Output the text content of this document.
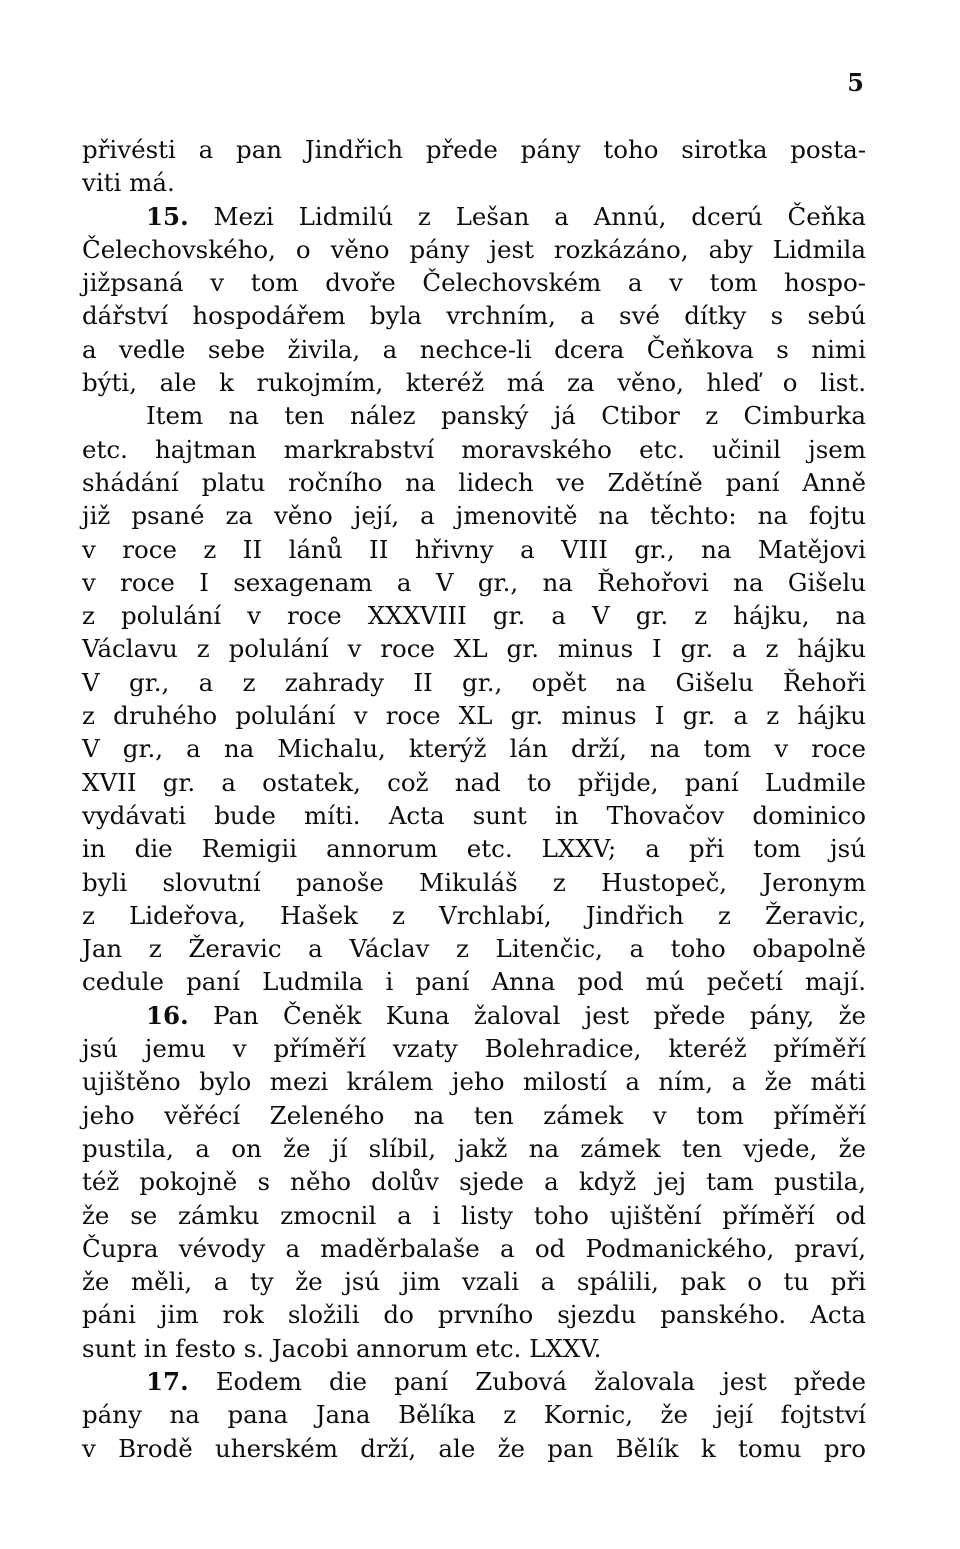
5
přivésti a pan Jindřich přede pány toho sirotka posta-
viti má.
15. Mezi Lidmilú z Lešan a Annú, dcerú Čeňka
Čelechovského, o věno pány jest rozkázáno, aby Lidmila
jižpsaná v tom dvoře Čelechovském a v tom hospo-
dářství hospodářem byla vrchním, a své dítky s sebú
a vedle sebe živila, a nechce-li dcera Čeňkova s nimi
býti, ale k rukojmím, kteréž má za věno, hleď o list.
Item na ten nález panský já Ctibor z Cimburka
etc. hajtman markrabství moravského etc. učinil jsem
shádání platu ročního na lidech ve Zdětíně paní Anně
již psané za věno její, a jmenovitě na těchto: na fojtu
v roce z II lánů II hřivny a VIII gr., na Matějovi
v roce I sexagenam a V gr., na Řehořovi na Gišelu
z polulání v roce XXXVIII gr. a V gr. z hájku, na
Václavu z polulání v roce XL gr. minus I gr. a z hájku
V gr., a z zahrady II gr., opět na Gišelu Řehoři
z druhého polulání v roce XL gr. minus I gr. a z hájku
V gr., a na Michalu, kterýž lán drží, na tom v roce
XVII gr. a ostatek, což nad to přijde, paní Ludmile
vydávati bude míti. Acta sunt in Thovačov dominico
in die Remigii annorum etc. LXXV; a při tom jsú
byli slovutní panoše Mikuláš z Hustopeč, Jeronym
z Lideřova, Hašek z Vrchlabí, Jindřich z Žeravic,
Jan z Žeravic a Václav z Litenčic, a toho obapolně
cedule paní Ludmila i paní Anna pod mú pečetí mají.
16. Pan Čeněk Kuna žaloval jest přede pány, že
jsú jemu v příměří vzaty Bolehradice, kteréž příměří
ujištěno bylo mezi králem jeho milostí a ním, a že máti
jeho věřécí Zeleného na ten zámek v tom příměří
pustila, a on že jí slíbil, jakž na zámek ten vjede, že
též pokojně s něho dolův sjede a když jej tam pustila,
že se zámku zmocnil a i listy toho ujištění příměří od
Čupra vévody a maděrbalaše a od Podmanického, praví,
že měli, a ty že jsú jim vzali a spálili, pak o tu při
páni jim rok složili do prvního sjezdu panského. Acta
sunt in festo s. Jacobi annorum etc. LXXV.
17. Eodem die paní Zubová žalovala jest přede
pány na pana Jana Bělíka z Kornic, že její fojtství
v Brodě uherském drží, ale že pan Bělík k tomu pro
